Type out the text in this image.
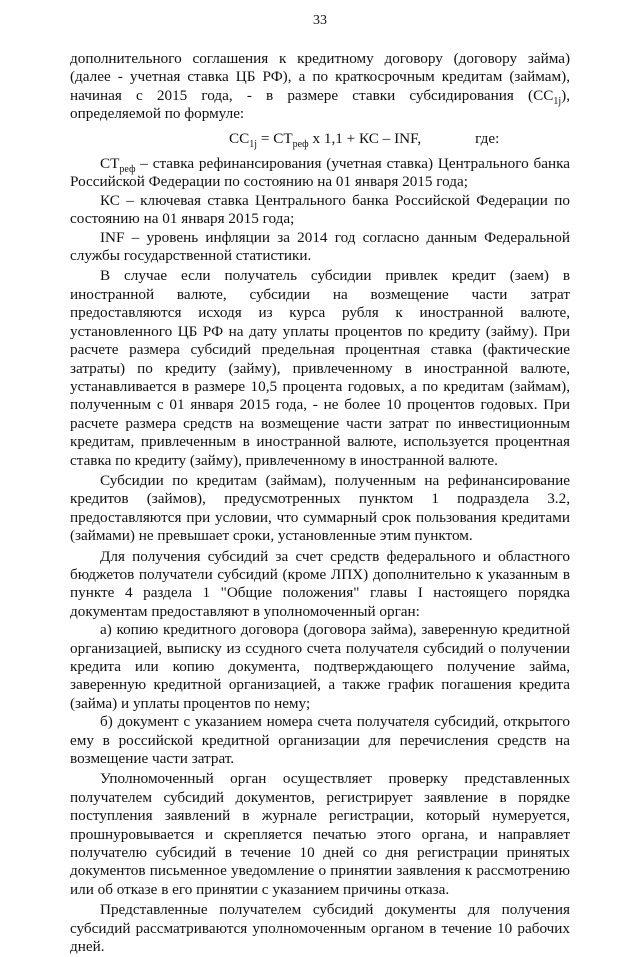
33

дополнительного соглашения к кредитному договору (договору займа) (далее - учетная ставка ЦБ РФ), а по краткосрочным кредитам (займам), начиная с 2015 года, - в размере ставки субсидирования $(СС_{1j})$, определяемой по формуле:

$СС_{1j} = СТ_{реф}$ х 1,1 + КС – INF,	где:

$СТ_{реф}$ – ставка рефинансирования (учетная ставка) Центрального банка Российской Федерации по состоянию на 01 января 2015 года;

КС – ключевая ставка Центрального банка Российской Федерации по состоянию на 01 января 2015 года;

INF – уровень инфляции за 2014 год согласно данным Федеральной службы государственной статистики.

В случае если получатель субсидии привлек кредит (заем) в иностранной валюте, субсидии на возмещение части затрат предоставляются исходя из курса рубля к иностранной валюте, установленного ЦБ РФ на дату уплаты процентов по кредиту (займу). При расчете размера субсидий предельная процентная ставка (фактические затраты) по кредиту (займу), привлеченному в иностранной валюте, устанавливается в размере 10,5 процента годовых, а по кредитам (займам), полученным с 01 января 2015 года, - не более 10 процентов годовых. При расчете размера средств на возмещение части затрат по инвестиционным кредитам, привлеченным в иностранной валюте, используется процентная ставка по кредиту (займу), привлеченному в иностранной валюте.

Субсидии по кредитам (займам), полученным на рефинансирование кредитов (займов), предусмотренных пунктом 1 подраздела 3.2, предоставляются при условии, что суммарный срок пользования кредитами (займами) не превышает сроки, установленные этим пунктом.

Для получения субсидий за счет средств федерального и областного бюджетов получатели субсидий (кроме ЛПХ) дополнительно к указанным в пункте 4 раздела 1 "Общие положения" главы I настоящего порядка документам предоставляют в уполномоченный орган:

а) копию кредитного договора (договора займа), заверенную кредитной организацией, выписку из ссудного счета получателя субсидий о получении кредита или копию документа, подтверждающего получение займа, заверенную кредитной организацией, а также график погашения кредита (займа) и уплаты процентов по нему;

б) документ с указанием номера счета получателя субсидий, открытого ему в российской кредитной организации для перечисления средств на возмещение части затрат.

Уполномоченный орган осуществляет проверку представленных получателем субсидий документов, регистрирует заявление в порядке поступления заявлений в журнале регистрации, который нумеруется, прошнуровывается и скрепляется печатью этого органа, и направляет получателю субсидий в течение 10 дней со дня регистрации принятых документов письменное уведомление о принятии заявления к рассмотрению или об отказе в его принятии с указанием причины отказа.

Представленные получателем субсидий документы для получения субсидий рассматриваются уполномоченным органом в течение 10 рабочих дней.
